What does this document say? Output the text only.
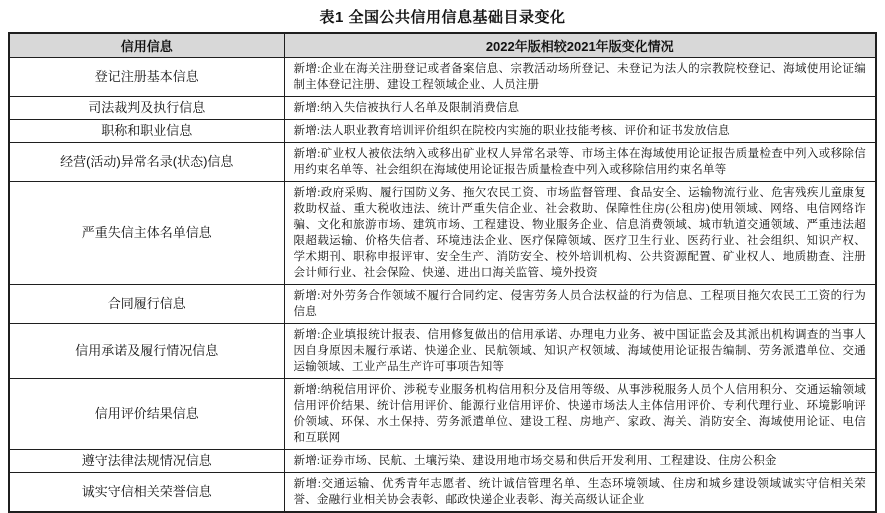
表1 全国公共信用信息基础目录变化
信用信息	2022年版相较2021年版变化情况
登记注册基本信息	新增:企业在海关注册登记或者备案信息、宗教活动场所登记、未登记为法人的宗教院校登记、海域使用论证编制主体登记注册、建设工程领域企业、人员注册
司法裁判及执行信息	新增:纳入失信被执行人名单及限制消费信息
职称和职业信息	新增:法人职业教育培训评价组织在院校内实施的职业技能考核、评价和证书发放信息
经营(活动)异常名录(状态)信息	新增:矿业权人被依法纳入或移出矿业权人异常名录等、市场主体在海域使用论证报告质量检查中列入或移除信用约束名单等、社会组织在海域使用论证报告质量检查中列入或移除信用约束名单等
严重失信主体名单信息	新增:政府采购、履行国防义务、拖欠农民工资、市场监督管理、食品安全、运输物流行业、危害残疾儿童康复救助权益、重大税收违法、统计严重失信企业、社会救助、保障性住房(公租房)使用领域、网络、电信网络诈骗、文化和旅游市场、建筑市场、工程建设、物业服务企业、信息消费领域、城市轨道交通领域、严重违法超限超载运输、价格失信者、环境违法企业、医疗保障领域、医疗卫生行业、医药行业、社会组织、知识产权、学术期刊、职称申报评审、安全生产、消防安全、校外培训机构、公共资源配置、矿业权人、地质勘查、注册会计师行业、社会保险、快递、进出口海关监管、境外投资
合同履行信息	新增:对外劳务合作领域不履行合同约定、侵害劳务人员合法权益的行为信息、工程项目拖欠农民工工资的行为信息
信用承诺及履行情况信息	新增:企业填报统计报表、信用修复做出的信用承诺、办理电力业务、被中国证监会及其派出机构调查的当事人因自身原因未履行承诺、快递企业、民航领域、知识产权领域、海域使用论证报告编制、劳务派遣单位、交通运输领域、工业产品生产许可事项告知等
信用评价结果信息	新增:纳税信用评价、涉税专业服务机构信用积分及信用等级、从事涉税服务人员个人信用积分、交通运输领域信用评价结果、统计信用评价、能源行业信用评价、快递市场法人主体信用评价、专利代理行业、环境影响评价领域、环保、水土保持、劳务派遣单位、建设工程、房地产、家政、海关、消防安全、海域使用论证、电信和互联网
遵守法律法规情况信息	新增:证券市场、民航、土壤污染、建设用地市场交易和供后开发利用、工程建设、住房公积金
诚实守信相关荣誉信息	新增:交通运输、优秀青年志愿者、统计诚信管理名单、生态环境领域、住房和城乡建设领域诚实守信相关荣誉、金融行业相关协会表彰、邮政快递企业表彰、海关高级认证企业
